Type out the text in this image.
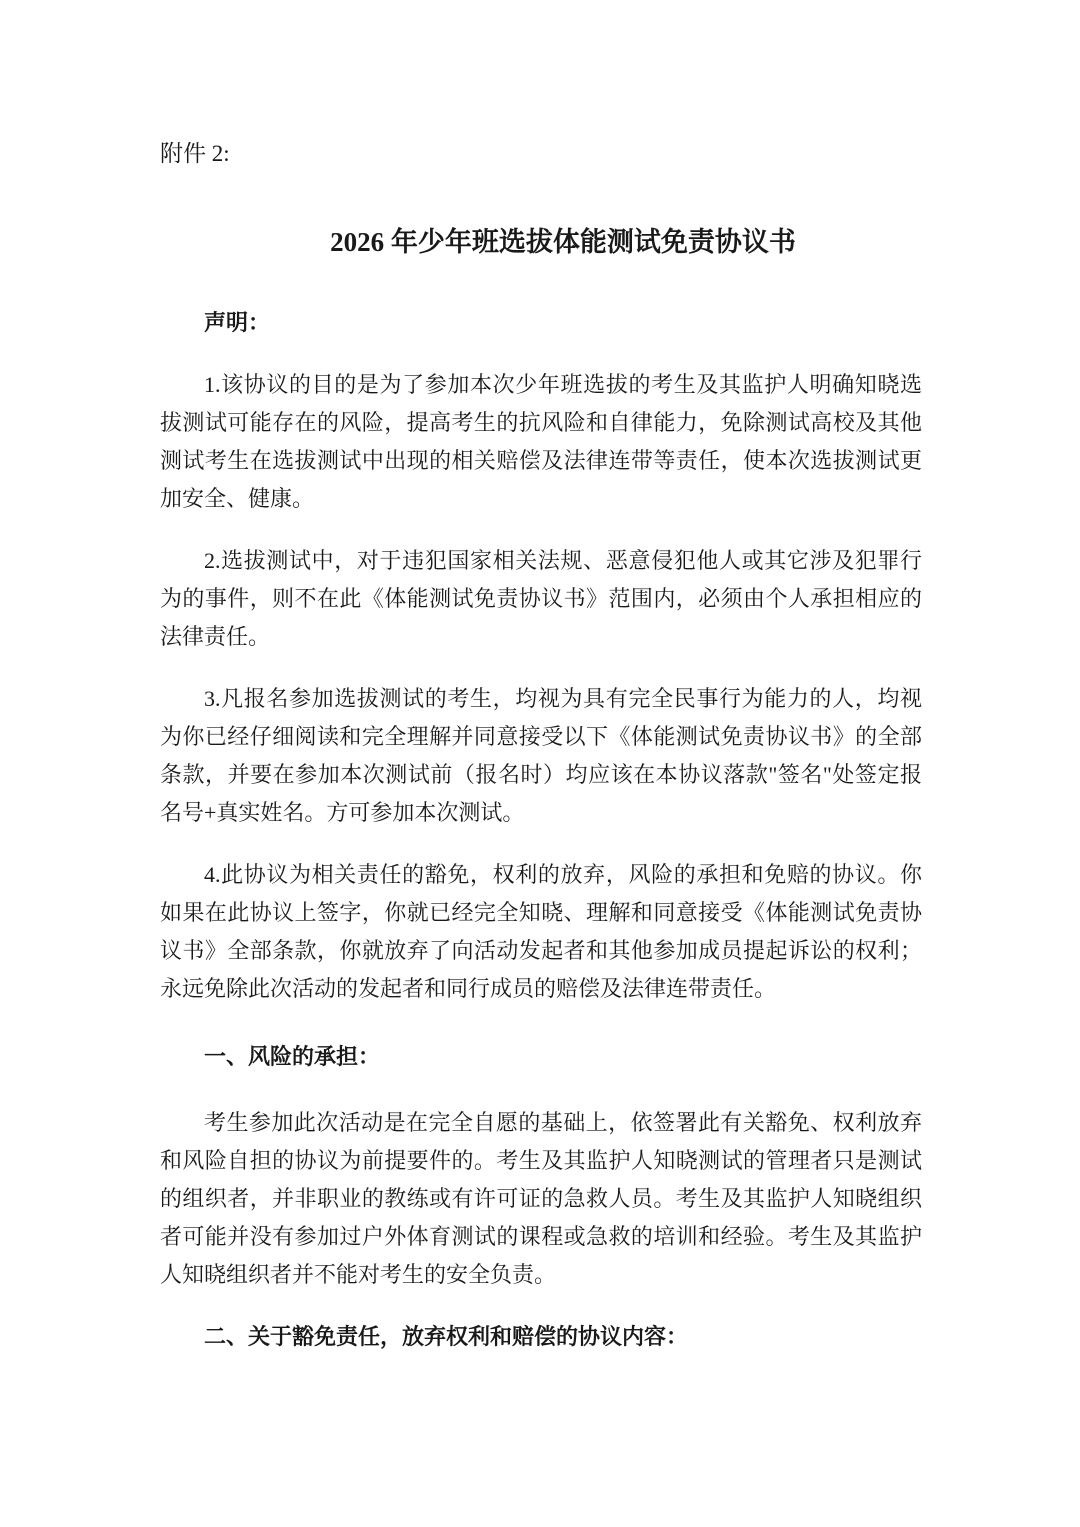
附件 2:

2026 年少年班选拔体能测试免责协议书

声明：

1.该协议的目的是为了参加本次少年班选拔的考生及其监护人明确知晓选拔测试可能存在的风险，提高考生的抗风险和自律能力，免除测试高校及其他测试考生在选拔测试中出现的相关赔偿及法律连带等责任，使本次选拔测试更加安全、健康。

2.选拔测试中，对于违犯国家相关法规、恶意侵犯他人或其它涉及犯罪行为的事件，则不在此《体能测试免责协议书》范围内，必须由个人承担相应的法律责任。

3.凡报名参加选拔测试的考生，均视为具有完全民事行为能力的人，均视为你已经仔细阅读和完全理解并同意接受以下《体能测试免责协议书》的全部条款，并要在参加本次测试前（报名时）均应该在本协议落款"签名"处签定报名号+真实姓名。方可参加本次测试。

4.此协议为相关责任的豁免，权利的放弃，风险的承担和免赔的协议。你如果在此协议上签字，你就已经完全知晓、理解和同意接受《体能测试免责协议书》全部条款，你就放弃了向活动发起者和其他参加成员提起诉讼的权利；永远免除此次活动的发起者和同行成员的赔偿及法律连带责任。

一、风险的承担：

考生参加此次活动是在完全自愿的基础上，依签署此有关豁免、权利放弃和风险自担的协议为前提要件的。考生及其监护人知晓测试的管理者只是测试的组织者，并非职业的教练或有许可证的急救人员。考生及其监护人知晓组织者可能并没有参加过户外体育测试的课程或急救的培训和经验。考生及其监护人知晓组织者并不能对考生的安全负责。

二、关于豁免责任，放弃权利和赔偿的协议内容：
